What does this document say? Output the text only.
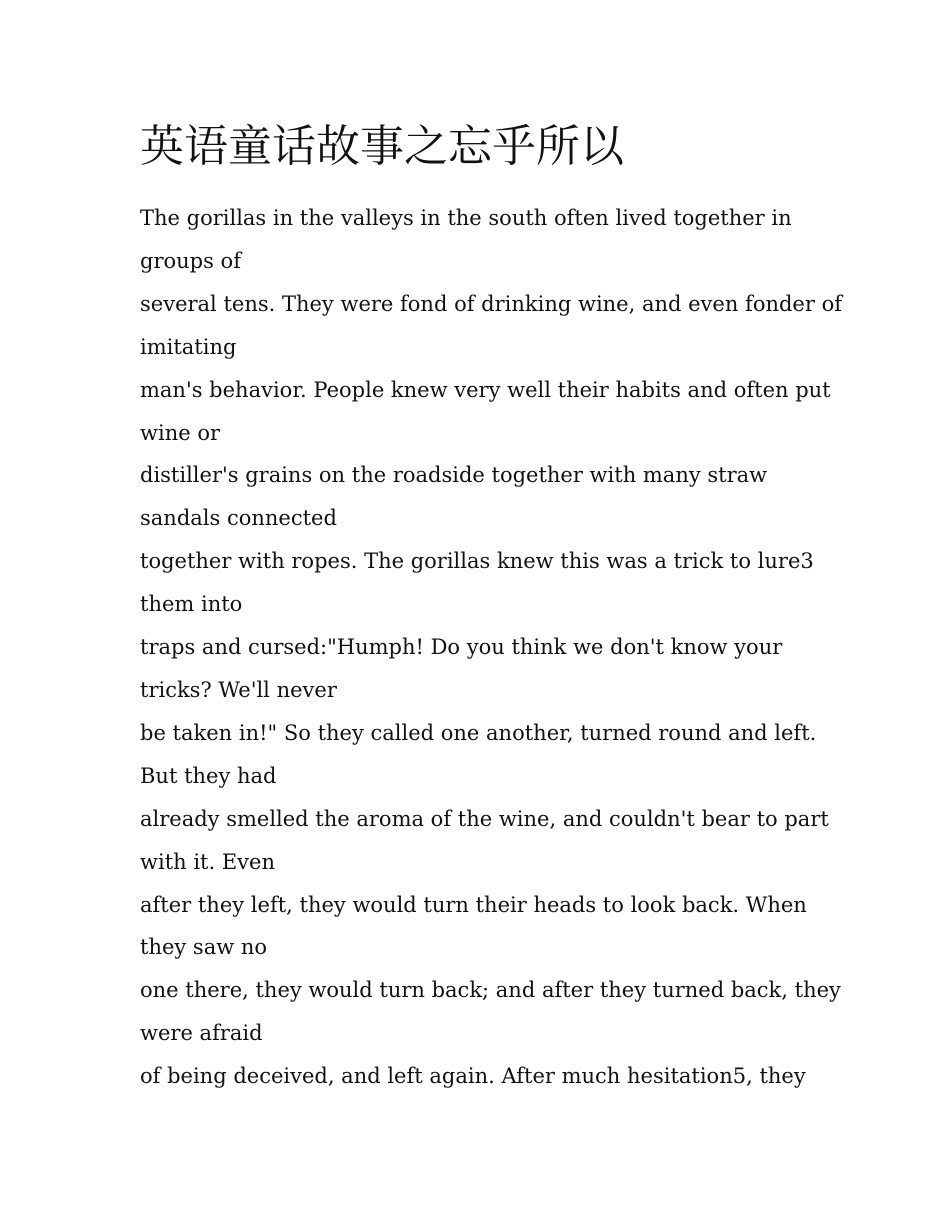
英语童话故事之忘乎所以
The gorillas in the valleys in the south often lived together in
groups of
several tens. They were fond of drinking wine, and even fonder of
imitating
man's behavior. People knew very well their habits and often put
wine or
distiller's grains on the roadside together with many straw
sandals connected
together with ropes. The gorillas knew this was a trick to lure3
them into
traps and cursed:"Humph! Do you think we don't know your
tricks? We'll never
be taken in!" So they called one another, turned round and left.
But they had
already smelled the aroma of the wine, and couldn't bear to part
with it. Even
after they left, they would turn their heads to look back. When
they saw no
one there, they would turn back; and after they turned back, they
were afraid
of being deceived, and left again. After much hesitation5, they
